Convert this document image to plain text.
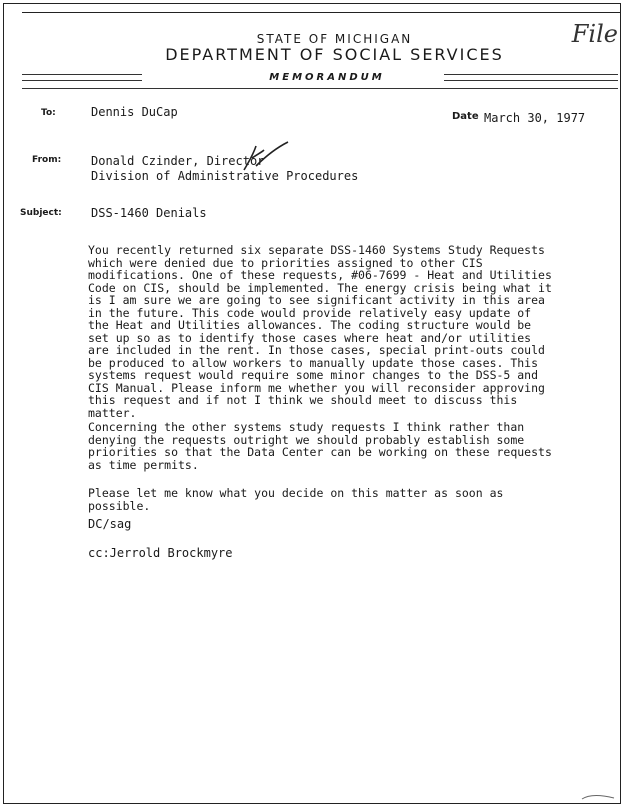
STATE OF MICHIGAN
DEPARTMENT OF SOCIAL SERVICES
File
MEMORANDUM
To:	Dennis DuCap	Date March 30, 1977
From: Donald Czinder, Director
Division of Administrative Procedures
Subject: DSS-1460 Denials

You recently returned six separate DSS-1460 Systems Study Requests which were denied due to priorities assigned to other CIS modifications. One of these requests, #06-7699 - Heat and Utilities Code on CIS, should be implemented. The energy crisis being what it is I am sure we are going to see significant activity in this area in the future. This code would provide relatively easy update of the Heat and Utilities allowances. The coding structure would be set up so as to identify those cases where heat and/or utilities are included in the rent. In those cases, special print-outs could be produced to allow workers to manually update those cases. This systems request would require some minor changes to the DSS-5 and CIS Manual. Please inform me whether you will reconsider approving this request and if not I think we should meet to discuss this matter.

Concerning the other systems study requests I think rather than denying the requests outright we should probably establish some priorities so that the Data Center can be working on these requests as time permits.

Please let me know what you decide on this matter as soon as possible.

DC/sag
cc:Jerrold Brockmyre
